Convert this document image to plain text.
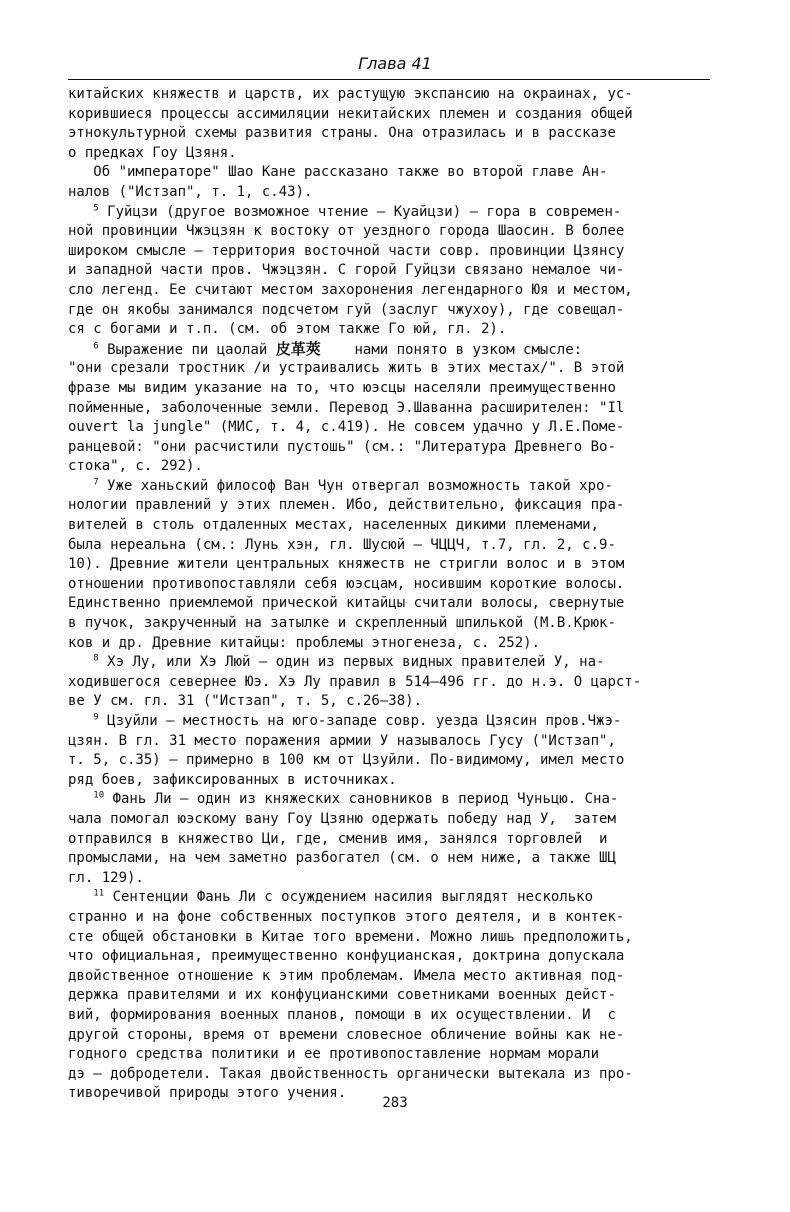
Глава 41
китайских княжеств и царств, их растущую экспансию на окраинах, ус-
корившиеся процессы ассимиляции некитайских племен и создания общей
этнокультурной схемы развития страны. Она отразилась и в рассказе
о предках Гоу Цзяня.
Об "императоре" Шао Кане рассказано также во второй главе Ан-
налов ("Истзап", т. 1, с.43).
$^5$ Гуйцзи (другое возможное чтение — Куайцзи) — гора в современ-
ной провинции Чжэцзян к востоку от уездного города Шаосин. В более
широком смысле — территория восточной части совр. провинции Цзянсу
и западной части пров. Чжэцзян. С горой Гуйцзи связано немалое чи-
сло легенд. Ее считают местом захоронения легендарного Юя и местом,
где он якобы занимался подсчетом гуй (заслуг чжухоу), где совещал-
ся с богами и т.п. (см. об этом также Го юй, гл. 2).
$^6$ Выражение пи цаолай 皮革莢 нами понято в узком смысле:
"они срезали тростник /и устраивались жить в этих местах/". В этой
фразе мы видим указание на то, что юэсцы населяли преимущественно
пойменные, заболоченные земли. Перевод Э.Шаванна расширителен: "Il
ouvert la jungle" (МИС, т. 4, с.419). Не совсем удачно у Л.Е.Поме-
ранцевой: "они расчистили пустошь" (см.: "Литература Древнего Во-
стока", с. 292).
$^7$ Уже ханьский философ Ван Чун отвергал возможность такой хро-
нологии правлений у этих племен. Ибо, действительно, фиксация пра-
вителей в столь отдаленных местах, населенных дикими племенами,
была нереальна (см.: Лунь хэн, гл. Шусюй — ЧЦЦЧ, т.7, гл. 2, с.9-
10). Древние жители центральных княжеств не стригли волос и в этом
отношении противопоставляли себя юэсцам, носившим короткие волосы.
Единственно приемлемой прической китайцы считали волосы, свернутые
в пучок, закрученный на затылке и скрепленный шпилькой (М.В.Крюк-
ков и др. Древние китайцы: проблемы этногенеза, с. 252).
$^8$ Хэ Лу, или Хэ Люй — один из первых видных правителей У, на-
ходившегося севернее Юэ. Хэ Лу правил в 514—496 гг. до н.э. О царст-
ве У см. гл. 31 ("Истзап", т. 5, с.26—38).
$^9$ Цзуйли — местность на юго-западе совр. уезда Цзясин пров.Чжэ-
цзян. В гл. 31 место поражения армии У называлось Гусу ("Истзап",
т. 5, с.35) — примерно в 100 км от Цзуйли. По-видимому, имел место
ряд боев, зафиксированных в источниках.
$^{10}$ Фань Ли — один из княжеских сановников в период Чуньцю. Сна-
чала помогал юэскому вану Гоу Цзяню одержать победу над У,  затем
отправился в княжество Ци, где, сменив имя, занялся торговлей  и
промыслами, на чем заметно разбогател (см. о нем ниже, а также ШЦ
гл. 129).
$^{11}$ Сентенции Фань Ли с осуждением насилия выглядят несколько
странно и на фоне собственных поступков этого деятеля, и в контек-
сте общей обстановки в Китае того времени. Можно лишь предположить,
что официальная, преимущественно конфуцианская, доктрина допускала
двойственное отношение к этим проблемам. Имела место активная под-
держка правителями и их конфуцианскими советниками военных дейст-
вий, формирования военных планов, помощи в их осуществлении. И  с
другой стороны, время от времени словесное обличение войны как не-
годного средства политики и ее противопоставление нормам морали
дэ — добродетели. Такая двойственность органически вытекала из про-
тиворечивой природы этого учения.
283
